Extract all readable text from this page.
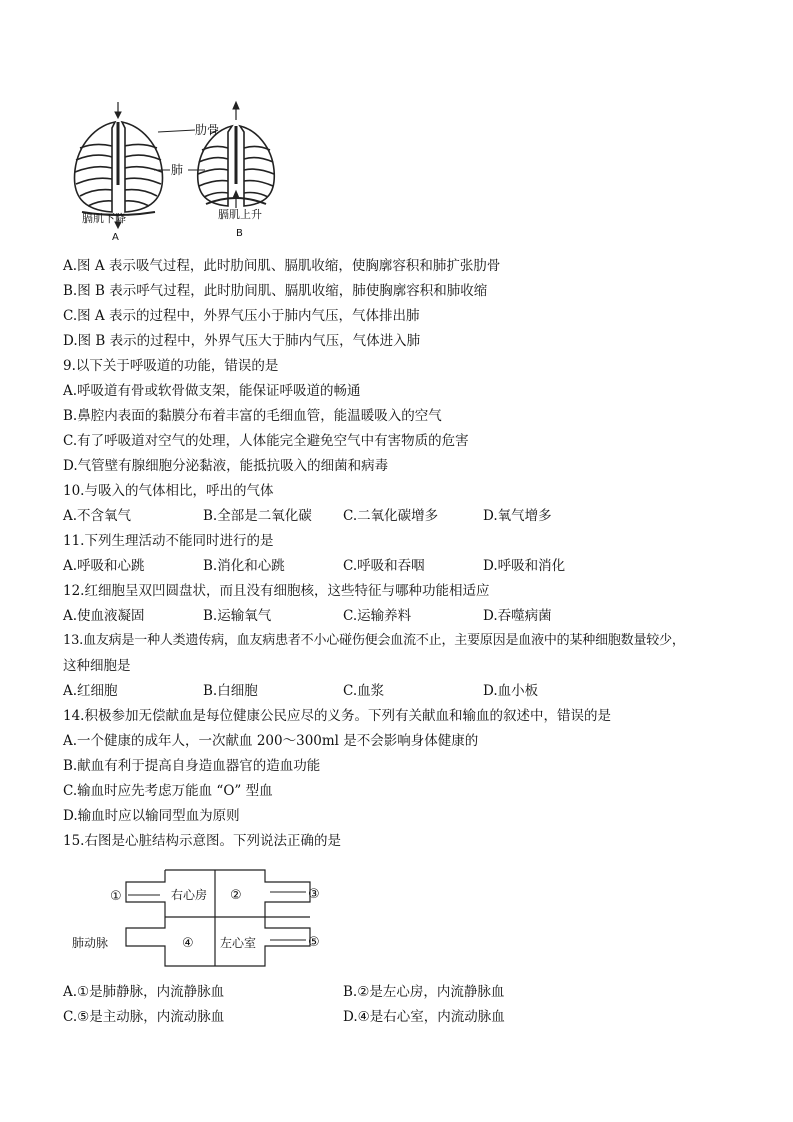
肋骨
肺
膈肌下降	膈肌上升
A	B
A.图 A 表示吸气过程，此时肋间肌、膈肌收缩，使胸廓容积和肺扩张肋骨
B.图 B 表示呼气过程，此时肋间肌、膈肌收缩，肺使胸廓容积和肺收缩
C.图 A 表示的过程中，外界气压小于肺内气压，气体排出肺
D.图 B 表示的过程中，外界气压大于肺内气压，气体进入肺
9.以下关于呼吸道的功能，错误的是
A.呼吸道有骨或软骨做支架，能保证呼吸道的畅通
B.鼻腔内表面的黏膜分布着丰富的毛细血管，能温暖吸入的空气
C.有了呼吸道对空气的处理，人体能完全避免空气中有害物质的危害
D.气管壁有腺细胞分泌黏液，能抵抗吸入的细菌和病毒
10.与吸入的气体相比，呼出的气体
A.不含氧气	B.全部是二氧化碳 C.二氧化碳增多	D.氧气增多
11.下列生理活动不能同时进行的是
A.呼吸和心跳	B.消化和心跳	C.呼吸和吞咽	D.呼吸和消化
12.红细胞呈双凹圆盘状，而且没有细胞核，这些特征与哪种功能相适应
A.使血液凝固	B.运输氧气	C.运输养料	D.吞噬病菌
13.血友病是一种人类遗传病，血友病患者不小心碰伤便会血流不止，主要原因是血液中的某种细胞数量较少，
这种细胞是
A.红细胞	B.白细胞	C.血浆	D.血小板
14.积极参加无偿献血是每位健康公民应尽的义务。下列有关献血和输血的叙述中，错误的是
A.一个健康的成年人，一次献血 200～300ml 是不会影响身体健康的
B.献血有利于提高自身造血器官的造血功能
C.输血时应先考虑万能血 “O” 型血
D.输血时应以输同型血为原则
15.右图是心脏结构示意图。下列说法正确的是
①	②	③
④	⑤
右心房
左心室
肺动脉
A.①是肺静脉，内流静脉血	B.②是左心房，内流静脉血
C.⑤是主动脉，内流动脉血	D.④是右心室，内流动脉血
